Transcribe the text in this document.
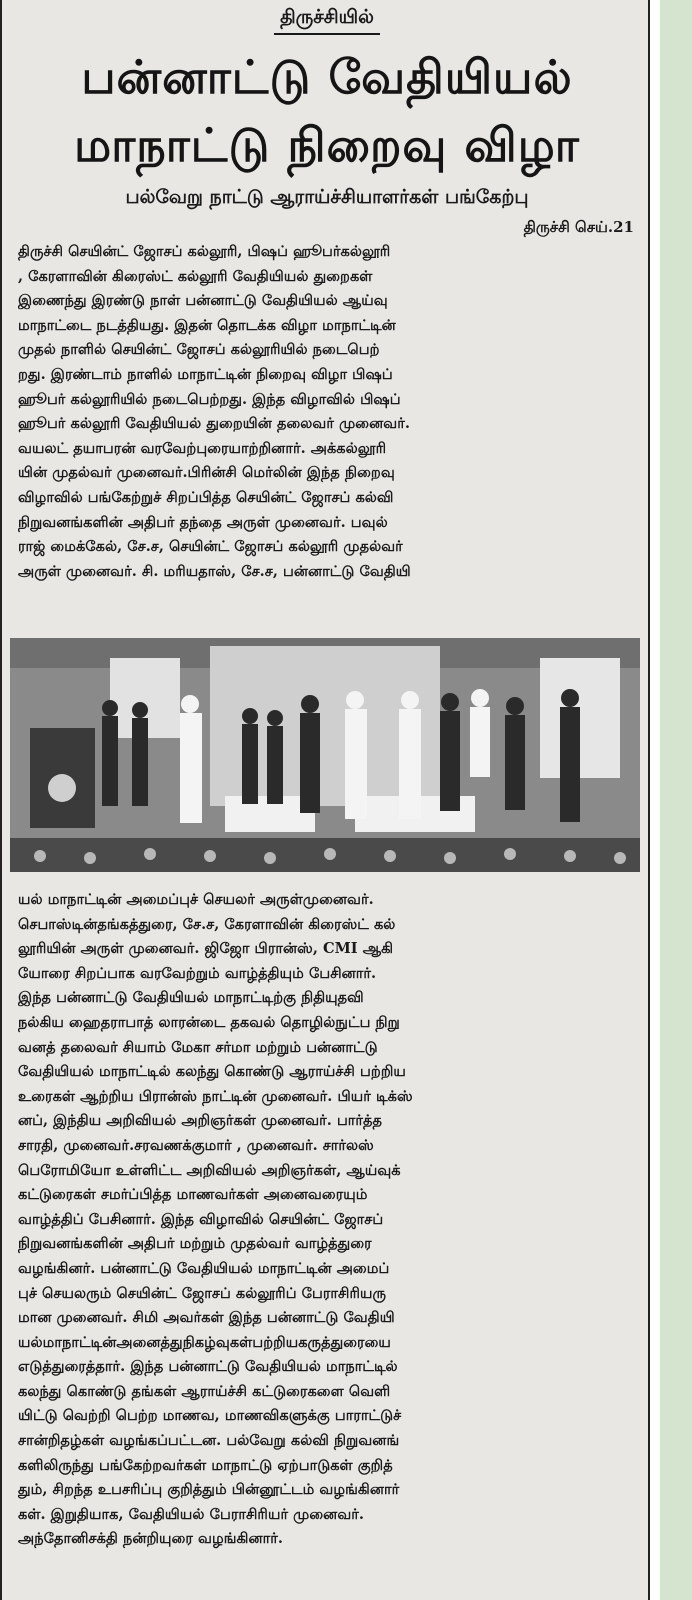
திருச்சியில்
பன்னாட்டு வேதியியல்
மாநாட்டு நிறைவு விழா
பல்வேறு நாட்டு ஆராய்ச்சியாளர்கள் பங்கேற்பு
திருச்சி செய்.21
திருச்சி செயின்ட் ஜோசப் கல்லூரி, பிஷப் ஹூபர்கல்லூரி
, கேரளாவின் கிரைஸ்ட் கல்லூரி வேதியியல் துறைகள்
இணைந்து இரண்டு நாள் பன்னாட்டு வேதியியல் ஆய்வு
மாநாட்டை நடத்தியது. இதன் தொடக்க விழா மாநாட்டின்
முதல் நாளில் செயின்ட் ஜோசப் கல்லூரியில் நடைபெற்
றது. இரண்டாம் நாளில் மாநாட்டின் நிறைவு விழா பிஷப்
ஹூபர் கல்லூரியில் நடைபெற்றது. இந்த விழாவில் பிஷப்
ஹூபர் கல்லூரி வேதியியல் துறையின் தலைவர் முனைவர்.
வயலட் தயாபரன் வரவேற்புரையாற்றினார். அக்கல்லூரி
யின் முதல்வர் முனைவர்.பிரின்சி மெர்லின் இந்த நிறைவு
விழாவில் பங்கேற்றுச் சிறப்பித்த செயின்ட் ஜோசப் கல்வி
நிறுவனங்களின் அதிபர் தந்தை அருள் முனைவர். பவுல்
ராஜ் மைக்கேல், சே.ச, செயின்ட் ஜோசப் கல்லூரி முதல்வர்
அருள் முனைவர். சி. மரியதாஸ், சே.ச, பன்னாட்டு வேதியி
யல் மாநாட்டின் அமைப்புச் செயலர் அருள்முனைவர்.
செபாஸ்டின்தங்கத்துரை, சே.ச, கேரளாவின் கிரைஸ்ட் கல்
லூரியின் அருள் முனைவர். ஜிஜோ பிரான்ஸ், CMI ஆகி
யோரை சிறப்பாக வரவேற்றும் வாழ்த்தியும் பேசினார்.
இந்த பன்னாட்டு வேதியியல் மாநாட்டிற்கு நிதியுதவி
நல்கிய ஹைதராபாத் லாரன்டை தகவல் தொழில்நுட்ப நிறு
வனத் தலைவர் சியாம் மேகா சர்மா மற்றும் பன்னாட்டு
வேதியியல் மாநாட்டில் கலந்து கொண்டு ஆராய்ச்சி பற்றிய
உரைகள் ஆற்றிய பிரான்ஸ் நாட்டின் முனைவர். பியர் டிக்ஸ்
னப், இந்திய அறிவியல் அறிஞர்கள் முனைவர். பார்த்த
சாரதி, முனைவர்.சரவணக்குமார் , முனைவர். சார்லஸ்
பெரோமியோ உள்ளிட்ட அறிவியல் அறிஞர்கள், ஆய்வுக்
கட்டுரைகள் சமர்ப்பித்த மாணவர்கள் அனைவரையும்
வாழ்த்திப் பேசினார். இந்த விழாவில் செயின்ட் ஜோசப்
நிறுவனங்களின் அதிபர் மற்றும் முதல்வர் வாழ்த்துரை
வழங்கினர். பன்னாட்டு வேதியியல் மாநாட்டின் அமைப்
புச் செயலரும் செயின்ட் ஜோசப் கல்லூரிப் பேராசிரியரு
மான முனைவர். சிமி அவர்கள் இந்த பன்னாட்டு வேதியி
யல்மாநாட்டின்அனைத்துநிகழ்வுகள்பற்றியகருத்துரையை
எடுத்துரைத்தார். இந்த பன்னாட்டு வேதியியல் மாநாட்டில்
கலந்து கொண்டு தங்கள் ஆராய்ச்சி கட்டுரைகளை வெளி
யிட்டு வெற்றி பெற்ற மாணவ, மாணவிகளுக்கு பாராட்டுச்
சான்றிதழ்கள் வழங்கப்பட்டன. பல்வேறு கல்வி நிறுவனங்
களிலிருந்து பங்கேற்றவர்கள் மாநாட்டு ஏற்பாடுகள் குறித்
தும், சிறந்த உபசரிப்பு குறித்தும் பின்னூட்டம் வழங்கினார்
கள். இறுதியாக, வேதியியல் பேராசிரியர் முனைவர்.
அந்தோனிசக்தி நன்றியுரை வழங்கினார்.
